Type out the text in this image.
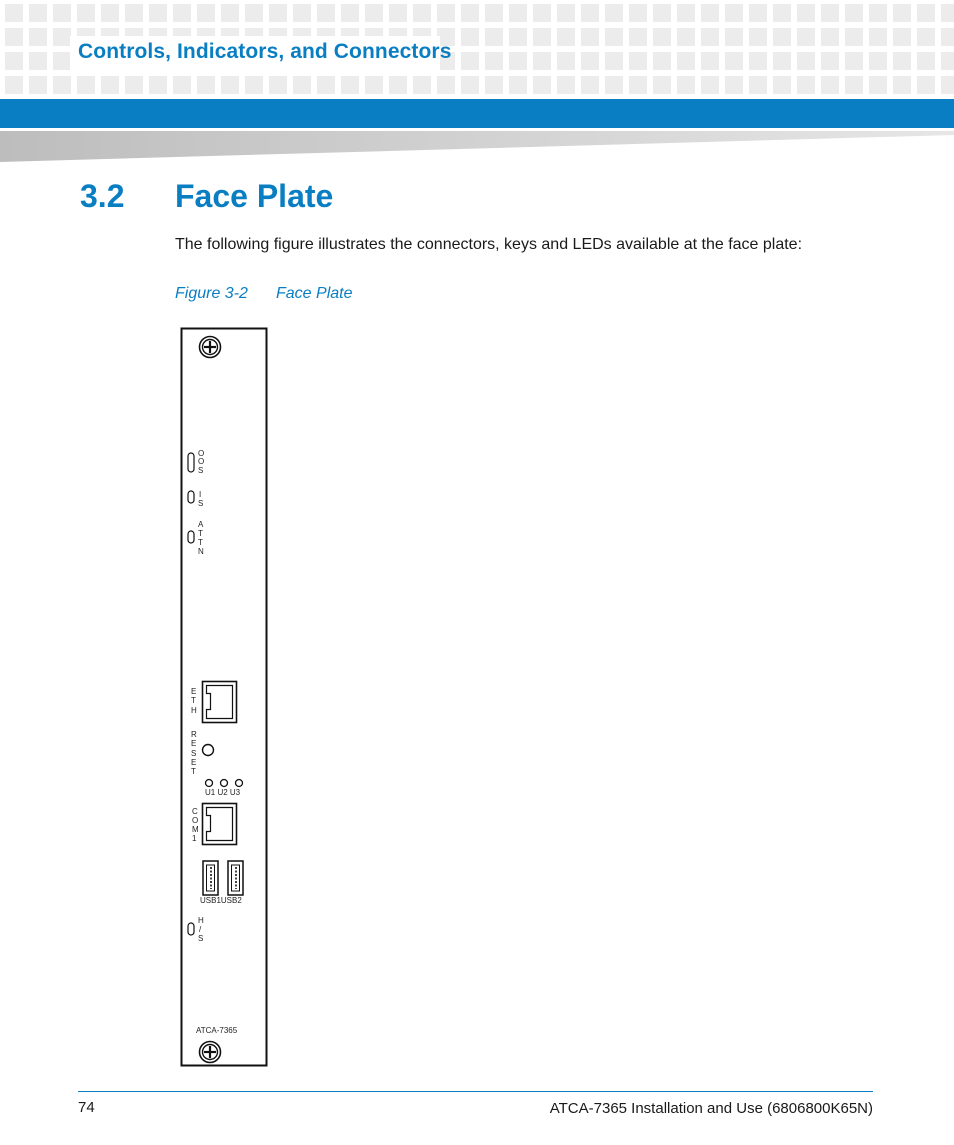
Controls, Indicators, and Connectors
3.2 Face Plate
The following figure illustrates the connectors, keys and LEDs available at the face plate:
Figure 3-2 Face Plate
O
O
S
I
S
A
T
T
N
E
T
H
R
E
S
E
T
U1 U2 U3
C
O
M
1
USB1USB2
H
/
S
ATCA-7365
74	ATCA-7365 Installation and Use (6806800K65N)
